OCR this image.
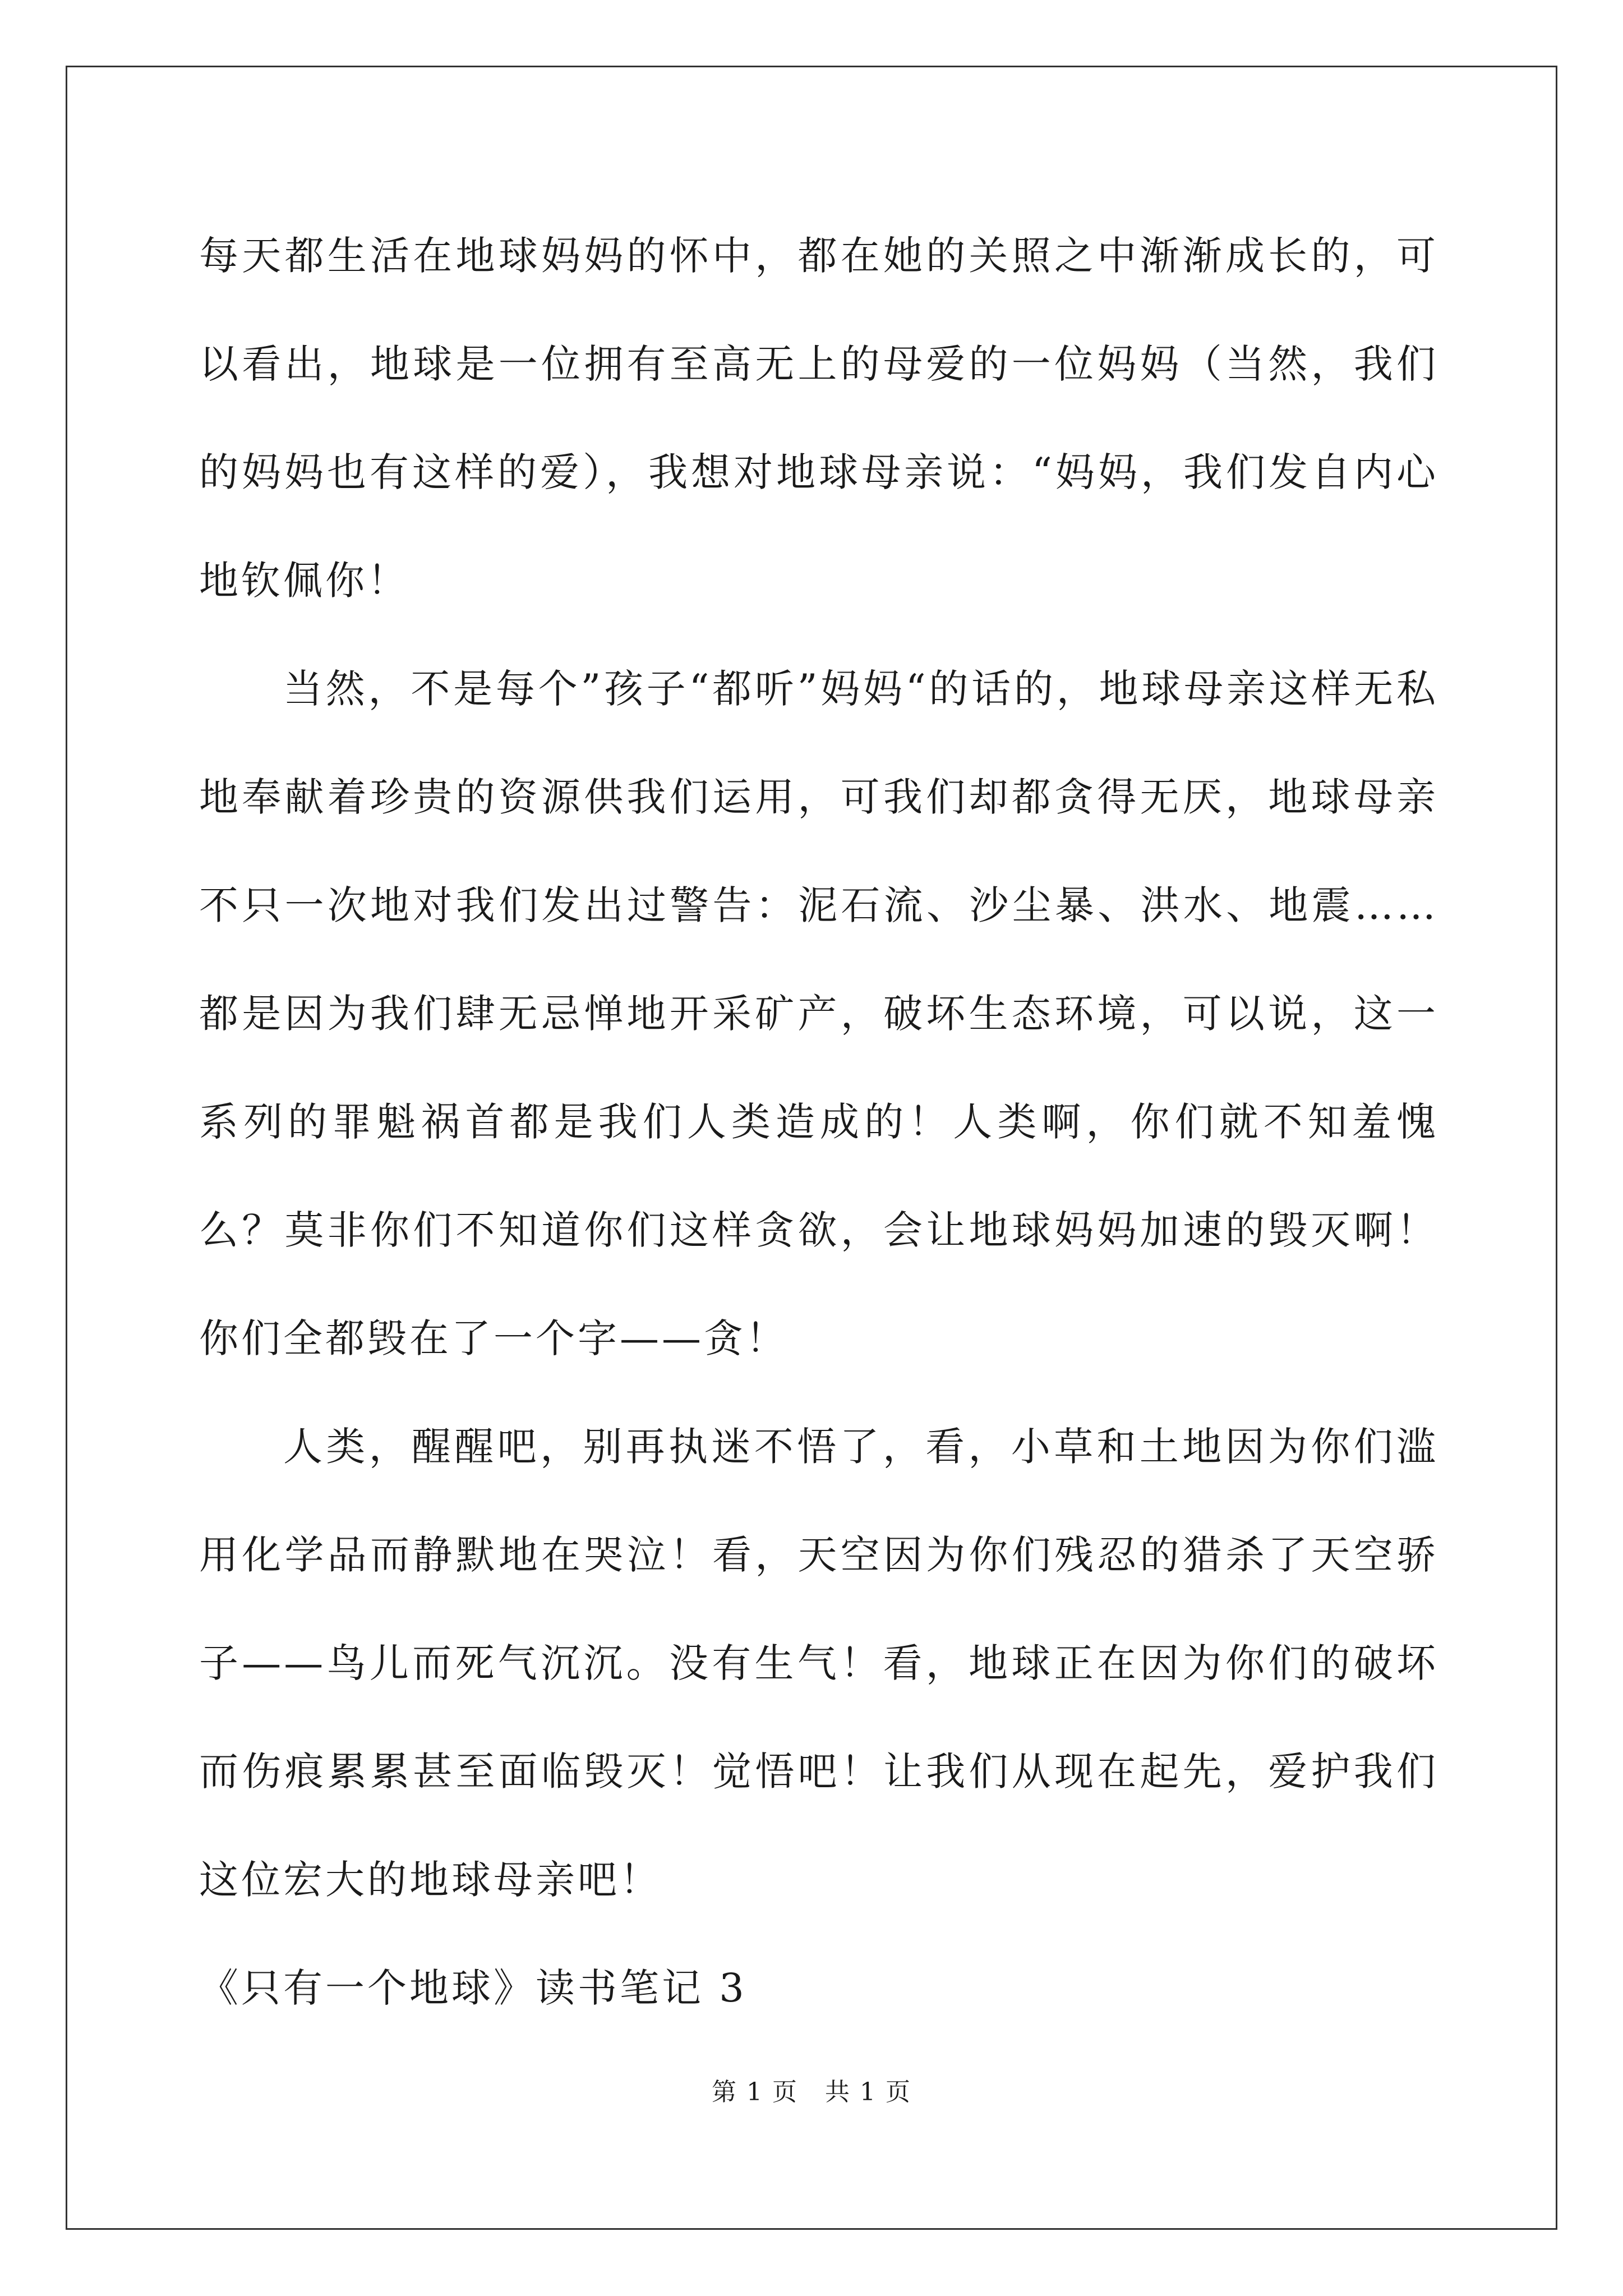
每天都生活在地球妈妈的怀中，都在她的关照之中渐渐成长的，可以看出，地球是一位拥有至高无上的母爱的一位妈妈（当然，我们的妈妈也有这样的爱），我想对地球母亲说：“妈妈，我们发自内心地钦佩你！

当然，不是每个”孩子“都听”妈妈“的话的，地球母亲这样无私地奉献着珍贵的资源供我们运用，可我们却都贪得无厌，地球母亲不只一次地对我们发出过警告：泥石流、沙尘暴、洪水、地震……都是因为我们肆无忌惮地开采矿产，破坏生态环境，可以说，这一系列的罪魁祸首都是我们人类造成的！人类啊，你们就不知羞愧么？莫非你们不知道你们这样贪欲，会让地球妈妈加速的毁灭啊！你们全都毁在了一个字——贪！

人类，醒醒吧，别再执迷不悟了，看，小草和土地因为你们滥用化学品而静默地在哭泣！看，天空因为你们残忍的猎杀了天空骄子——鸟儿而死气沉沉。没有生气！看，地球正在因为你们的破坏而伤痕累累甚至面临毁灭！觉悟吧！让我们从现在起先，爱护我们这位宏大的地球母亲吧！

《只有一个地球》读书笔记 3

第 1 页 共 1 页
